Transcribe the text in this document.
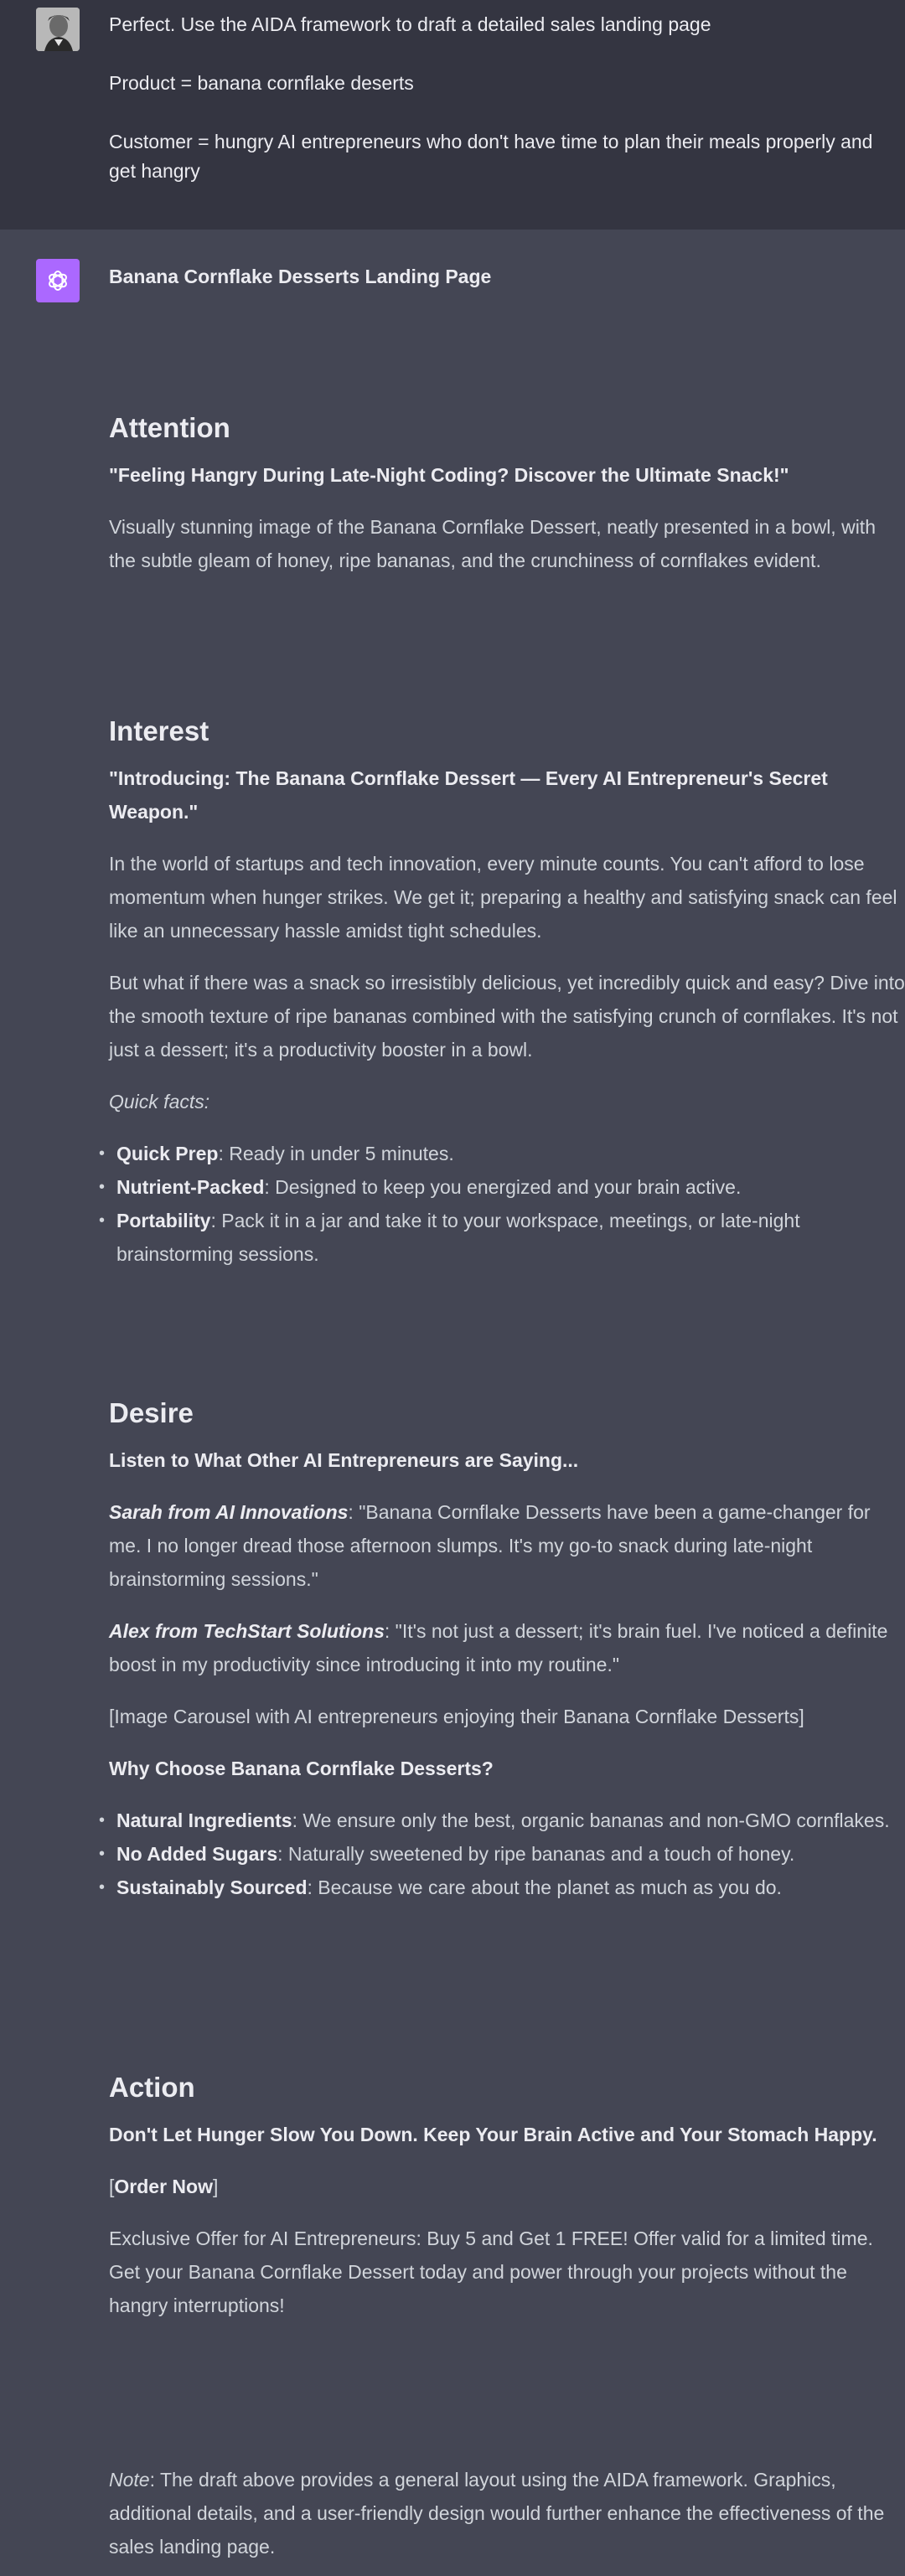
Perfect. Use the AIDA framework to draft a detailed sales landing page

Product = banana cornflake deserts

Customer = hungry AI entrepreneurs who don't have time to plan their meals properly and get hangry

Banana Cornflake Desserts Landing Page

Attention

"Feeling Hangry During Late-Night Coding? Discover the Ultimate Snack!"

Visually stunning image of the Banana Cornflake Dessert, neatly presented in a bowl, with the subtle gleam of honey, ripe bananas, and the crunchiness of cornflakes evident.

Interest

"Introducing: The Banana Cornflake Dessert — Every AI Entrepreneur's Secret Weapon."

In the world of startups and tech innovation, every minute counts. You can't afford to lose momentum when hunger strikes. We get it; preparing a healthy and satisfying snack can feel like an unnecessary hassle amidst tight schedules.

But what if there was a snack so irresistibly delicious, yet incredibly quick and easy? Dive into the smooth texture of ripe bananas combined with the satisfying crunch of cornflakes. It's not just a dessert; it's a productivity booster in a bowl.

Quick facts:

• Quick Prep: Ready in under 5 minutes.
• Nutrient-Packed: Designed to keep you energized and your brain active.
• Portability: Pack it in a jar and take it to your workspace, meetings, or late-night brainstorming sessions.
Desire

Listen to What Other AI Entrepreneurs are Saying...

Sarah from AI Innovations: "Banana Cornflake Desserts have been a game-changer for me. I no longer dread those afternoon slumps. It's my go-to snack during late-night brainstorming sessions."

Alex from TechStart Solutions: "It's not just a dessert; it's brain fuel. I've noticed a definite boost in my productivity since introducing it into my routine."

[Image Carousel with AI entrepreneurs enjoying their Banana Cornflake Desserts]

Why Choose Banana Cornflake Desserts?

• Natural Ingredients: We ensure only the best, organic bananas and non-GMO cornflakes.
• No Added Sugars: Naturally sweetened by ripe bananas and a touch of honey.
• Sustainably Sourced: Because we care about the planet as much as you do.
Action

Don't Let Hunger Slow You Down. Keep Your Brain Active and Your Stomach Happy.

[Order Now]

Exclusive Offer for AI Entrepreneurs: Buy 5 and Get 1 FREE! Offer valid for a limited time. Get your Banana Cornflake Dessert today and power through your projects without the hangry interruptions!

Note: The draft above provides a general layout using the AIDA framework. Graphics, additional details, and a user-friendly design would further enhance the effectiveness of the sales landing page.
